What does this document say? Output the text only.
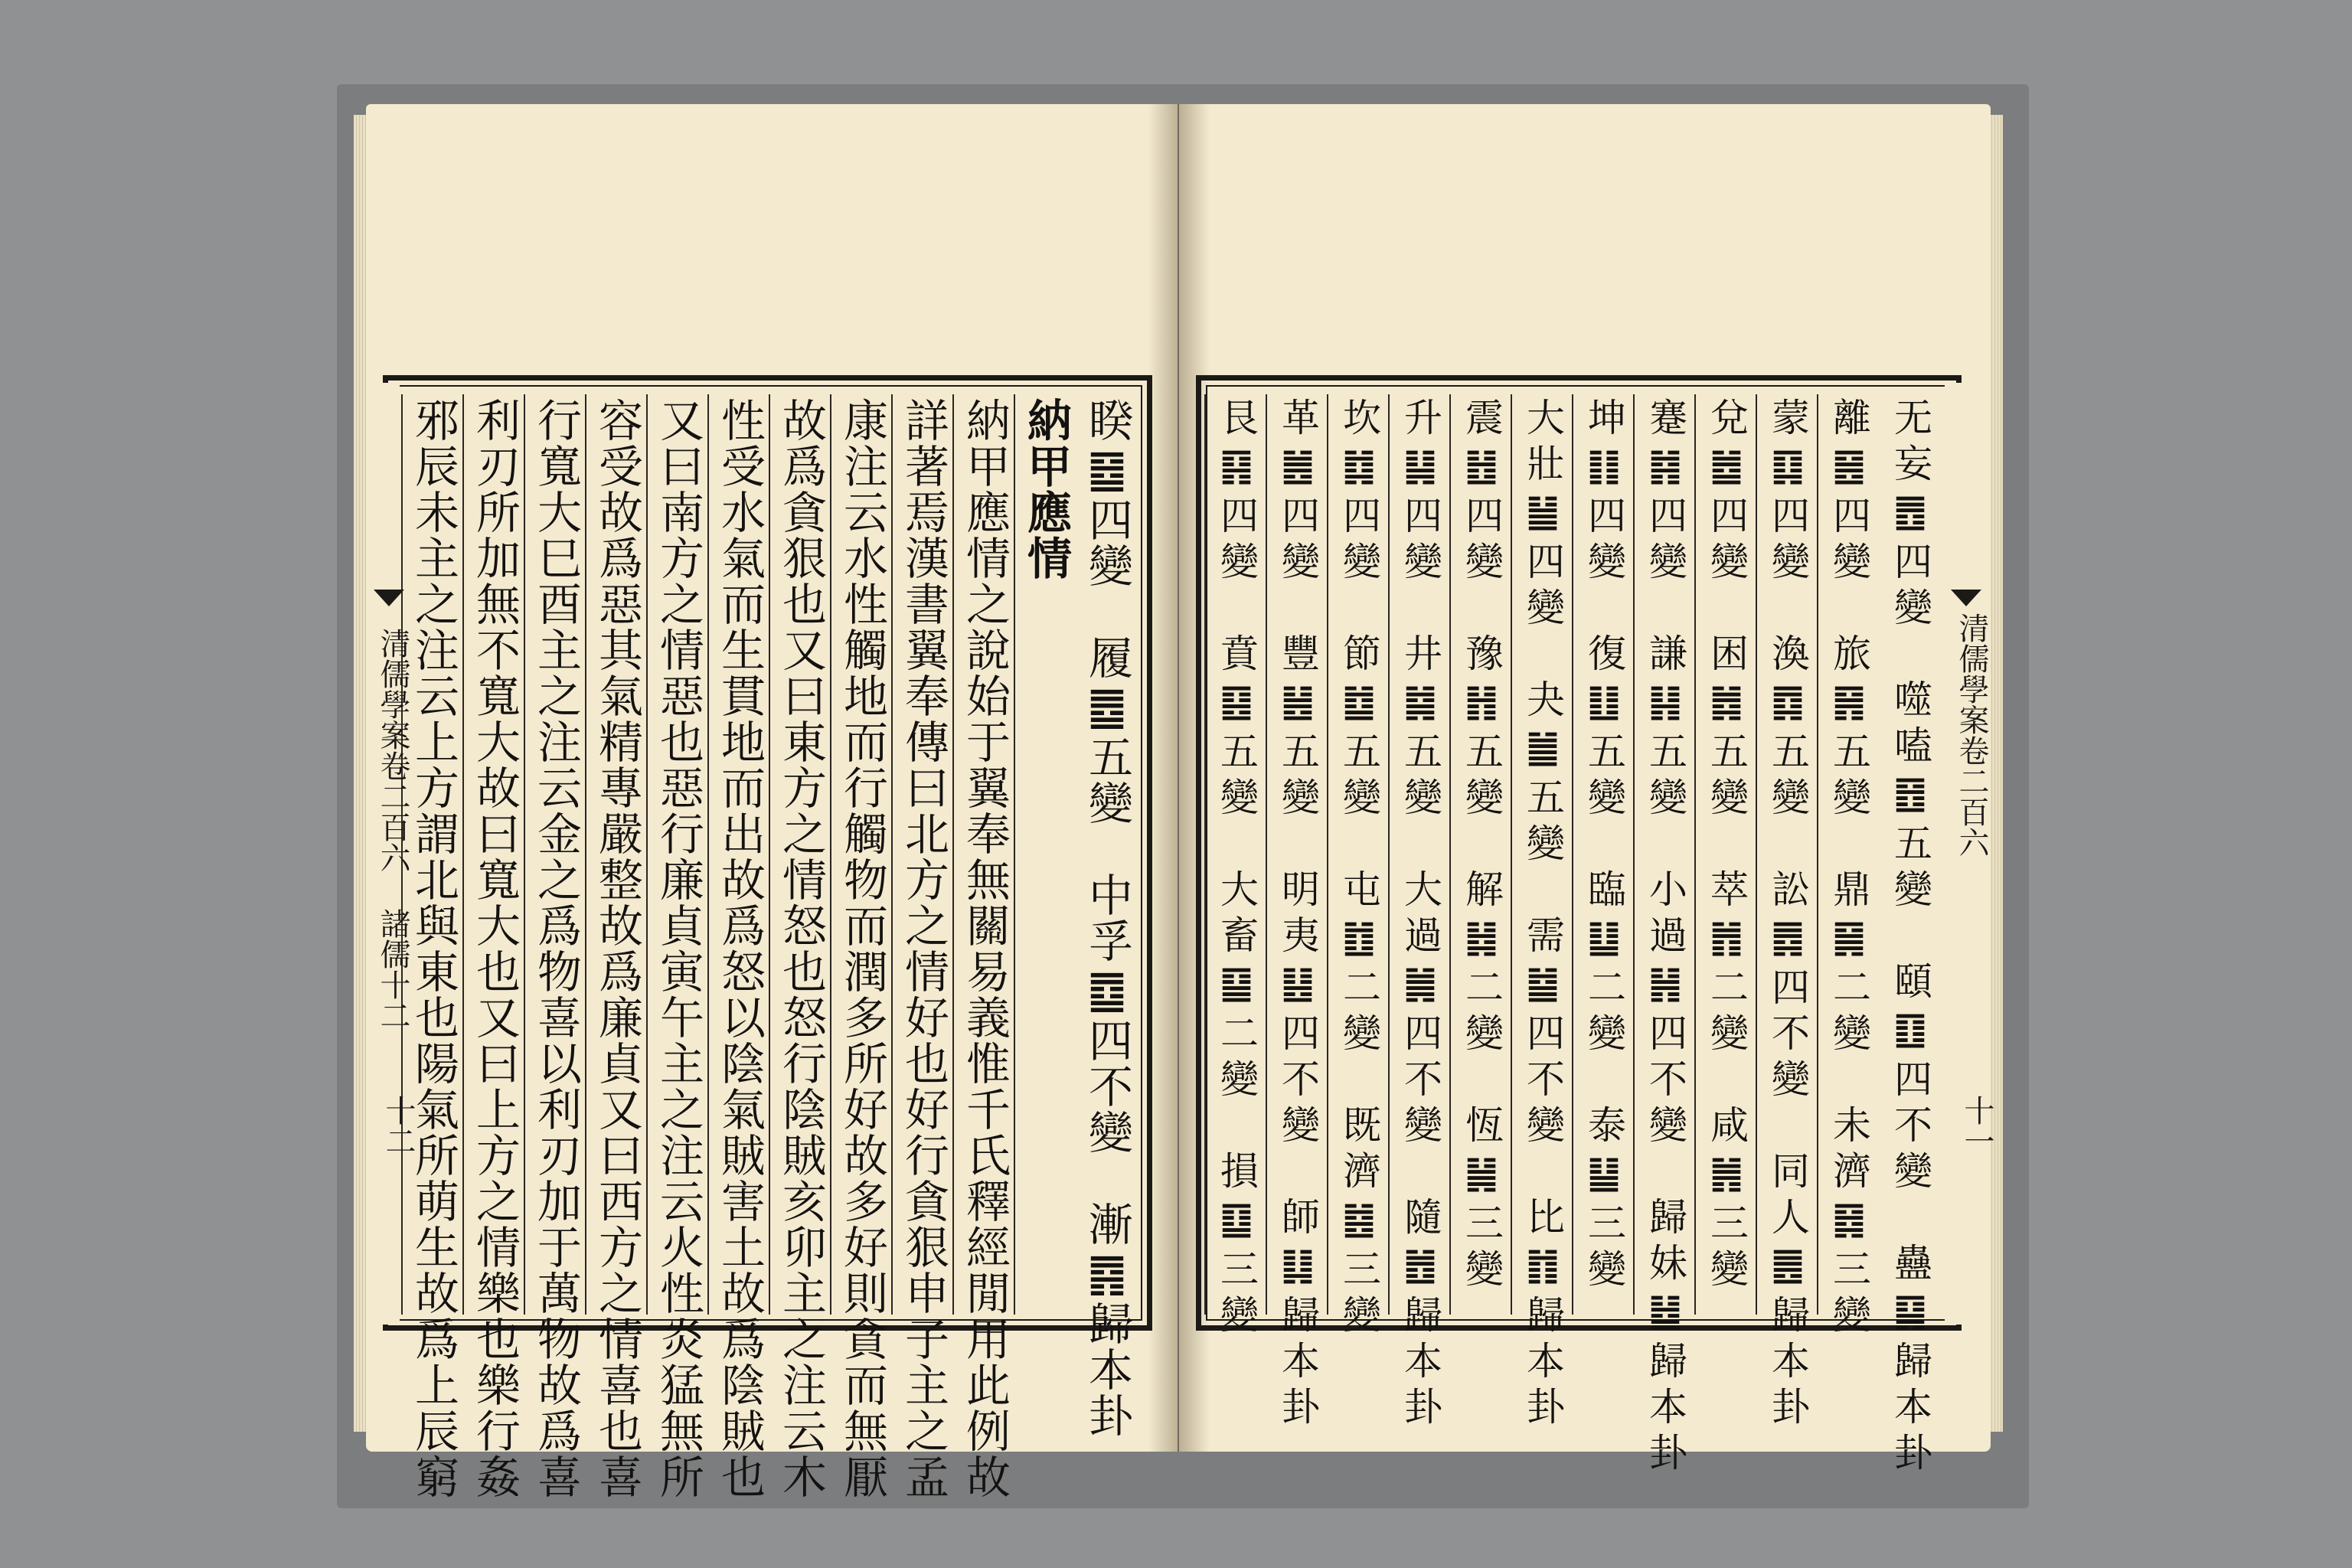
睽䷥四變　履䷉五變　中孚䷼四不變　漸䷴歸本卦
納甲應情
納甲應情之說始于翼奉無關易義惟千氏釋經閒用此例故
詳著焉漢書翼奉傳曰北方之情好也好行貪狠申子主之孟
康注云水性觸地而行觸物而潤多所好故多好則貪而無厭
故爲貪狠也又曰東方之情怒也怒行陰賊亥卯主之注云木
性受水氣而生貫地而出故爲怒以陰氣賊害土故爲陰賊也
又曰南方之情惡也惡行廉貞寅午主之注云火性炎猛無所
容受故爲惡其氣精專嚴整故爲廉貞又曰西方之情喜也喜
行寬大巳酉主之注云金之爲物喜以利刃加于萬物故爲喜
利刃所加無不寬大故曰寬大也又曰上方之情樂也樂行姦
邪辰未主之注云上方謂北與東也陽氣所萌生故爲上辰窮
清儒學案卷二百六 諸儒十二
十二	无妄䷘四變　噬嗑䷔五變　頤䷚四不變　蠱䷑歸本卦
離䷝四變　旅䷷五變　鼎䷱二變　未濟䷿三變
蒙䷃四變　渙䷺五變　訟䷅四不變　同人䷌歸本卦
兌䷹四變　困䷮五變　萃䷬二變　咸䷞三變
蹇䷦四變　謙䷎五變　小過䷽四不變　歸妹䷵歸本卦
坤䷁四變　復䷗五變　臨䷒二變　泰䷊三變
大壯䷡四變　夬䷪五變　需䷄四不變　比䷇歸本卦
震䷲四變　豫䷏五變　解䷧二變　恆䷟三變
升䷭四變　井䷯五變　大過䷛四不變　隨䷐歸本卦
坎䷜四變　節䷻五變　屯䷂二變　既濟䷾三變
革䷰四變　豐䷶五變　明夷䷣四不變　師䷆歸本卦
艮䷳四變　賁䷕五變　大畜䷙二變　損䷨三變	清儒學案卷二百六
十一
